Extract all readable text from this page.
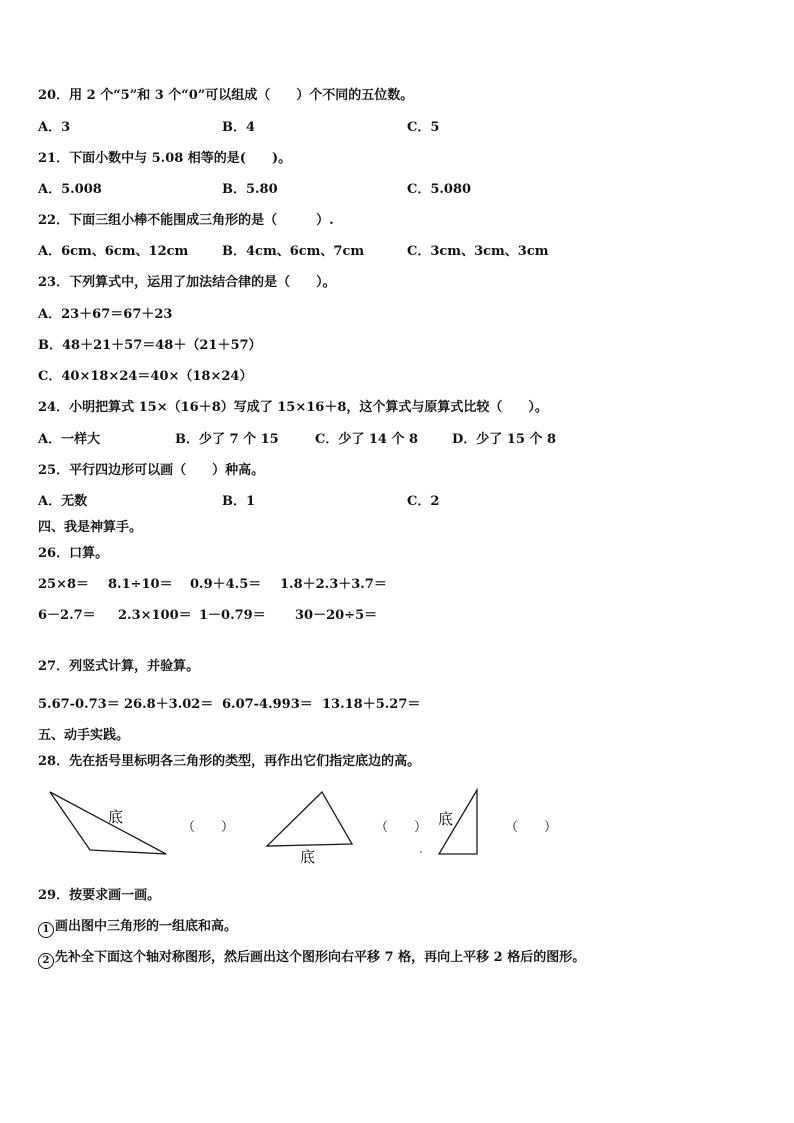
20．用 2 个“5”和 3 个“0”可以组成（　　）个不同的五位数。
A．3	B．4	C．5
21．下面小数中与 5.08 相等的是(　　)。
A．5.008	B．5.80	C．5.080
22．下面三组小棒不能围成三角形的是（　　　）.
A．6cm、6cm、12cm	B．4cm、6cm、7cm	C．3cm、3cm、3cm
23．下列算式中，运用了加法结合律的是（　　）。
A．23＋67＝67＋23
B．48＋21＋57＝48＋（21＋57）
C．40×18×24＝40×（18×24）
24．小明把算式 15×（16＋8）写成了 15×16＋8，这个算式与原算式比较（　　）。
A．一样大	B．少了 7 个 15	C．少了 14 个 8	D．少了 15 个 8
25．平行四边形可以画（　　）种高。
A．无数	B．1	C．2
四、我是神算手。
26．口算。
25×8＝ 8.1÷10＝ 0.9＋4.5＝ 1.8＋2.3＋3.7＝
6－2.7＝ 2.3×100＝ 1－0.79＝ 30－20÷5＝
27．列竖式计算，并验算。
5.67-0.73＝ 26.8＋3.02＝ 6.07-4.993＝ 13.18＋5.27＝
五、动手实践。
28．先在括号里标明各三角形的类型，再作出它们指定底边的高。
底
底
底
（　　）	（　　）	（　　）
29．按要求画一画。
1 画出图中三角形的一组底和高。
2 先补全下面这个轴对称图形，然后画出这个图形向右平移 7 格，再向上平移 2 格后的图形。
